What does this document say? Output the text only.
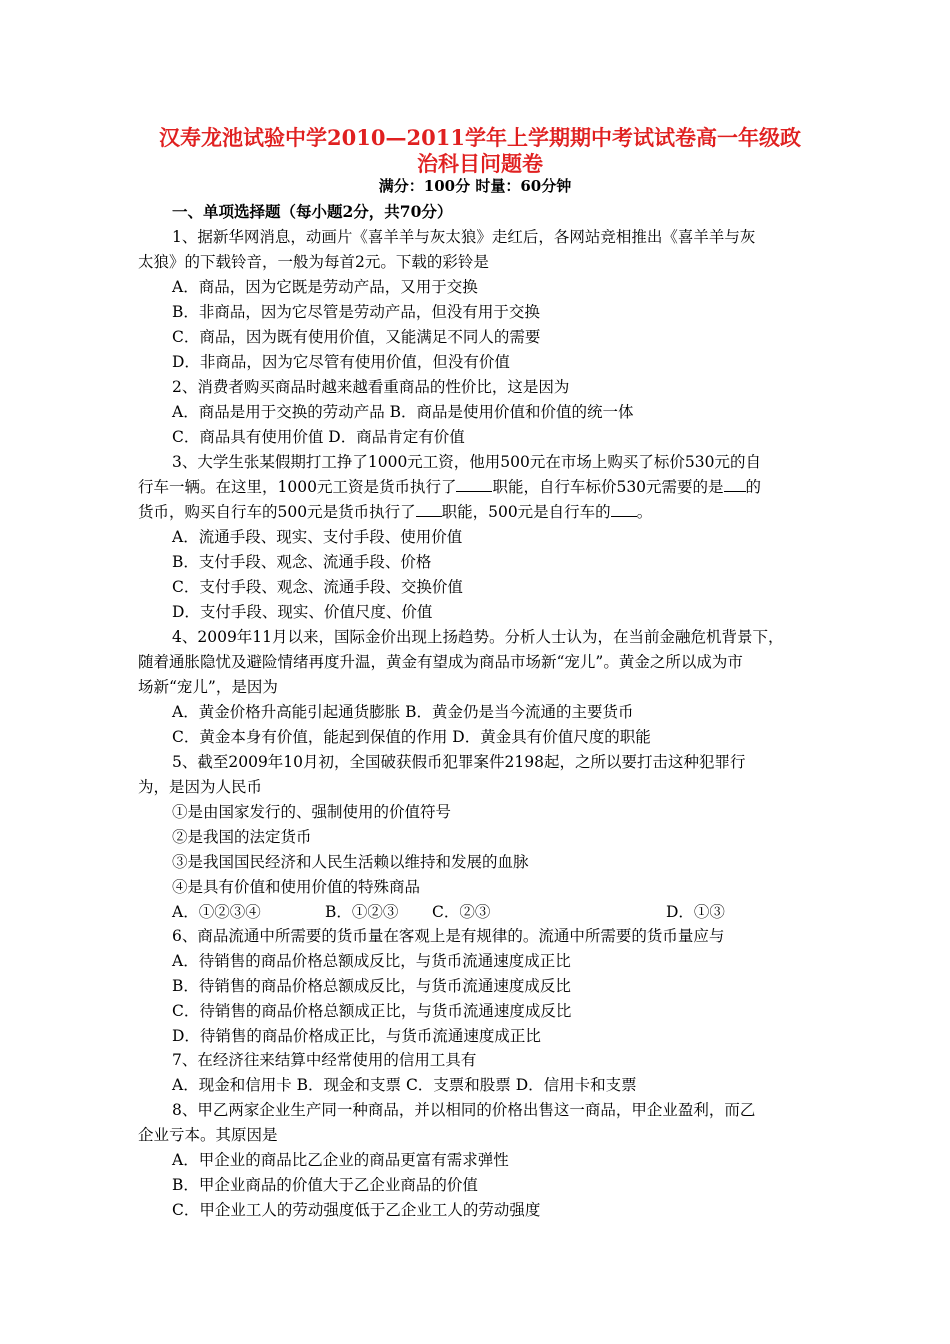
汉寿龙池试验中学2010—2011学年上学期期中考试试卷高一年级政
治科目问题卷
满分：100分 时量：60分钟
一、单项选择题（每小题2分，共70分）
1、据新华网消息，动画片《喜羊羊与灰太狼》走红后，各网站竞相推出《喜羊羊与灰
太狼》的下载铃音，一般为每首2元。下载的彩铃是
A．商品，因为它既是劳动产品，又用于交换
B．非商品，因为它尽管是劳动产品，但没有用于交换
C．商品，因为既有使用价值，又能满足不同人的需要
D．非商品，因为它尽管有使用价值，但没有价值
2、消费者购买商品时越来越看重商品的性价比，这是因为
A．商品是用于交换的劳动产品 B．商品是使用价值和价值的统一体
C．商品具有使用价值 D．商品肯定有价值
3、大学生张某假期打工挣了1000元工资，他用500元在市场上购买了标价530元的自
行车一辆。在这里，1000元工资是货币执行了 职能，自行车标价530元需要的是 的
货币，购买自行车的500元是货币执行了 职能，500元是自行车的 。
A．流通手段、现实、支付手段、使用价值
B．支付手段、观念、流通手段、价格
C．支付手段、观念、流通手段、交换价值
D．支付手段、现实、价值尺度、价值
4、2009年11月以来，国际金价出现上扬趋势。分析人士认为，在当前金融危机背景下，
随着通胀隐忧及避险情绪再度升温，黄金有望成为商品市场新“宠儿”。黄金之所以成为市
场新“宠儿”，是因为
A．黄金价格升高能引起通货膨胀 B．黄金仍是当今流通的主要货币
C．黄金本身有价值，能起到保值的作用 D．黄金具有价值尺度的职能
5、截至2009年10月初，全国破获假币犯罪案件2198起，之所以要打击这种犯罪行
为，是因为人民币
①是由国家发行的、强制使用的价值符号
②是我国的法定货币
③是我国国民经济和人民生活赖以维持和发展的血脉
④是具有价值和使用价值的特殊商品
A．①②③④	B．①②③ C．②③	D．①③
6、商品流通中所需要的货币量在客观上是有规律的。流通中所需要的货币量应与
A．待销售的商品价格总额成反比，与货币流通速度成正比
B．待销售的商品价格总额成反比，与货币流通速度成反比
C．待销售的商品价格总额成正比，与货币流通速度成反比
D．待销售的商品价格成正比，与货币流通速度成正比
7、在经济往来结算中经常使用的信用工具有
A．现金和信用卡 B．现金和支票 C．支票和股票 D．信用卡和支票
8、甲乙两家企业生产同一种商品，并以相同的价格出售这一商品，甲企业盈利，而乙
企业亏本。其原因是
A．甲企业的商品比乙企业的商品更富有需求弹性
B．甲企业商品的价值大于乙企业商品的价值
C．甲企业工人的劳动强度低于乙企业工人的劳动强度
